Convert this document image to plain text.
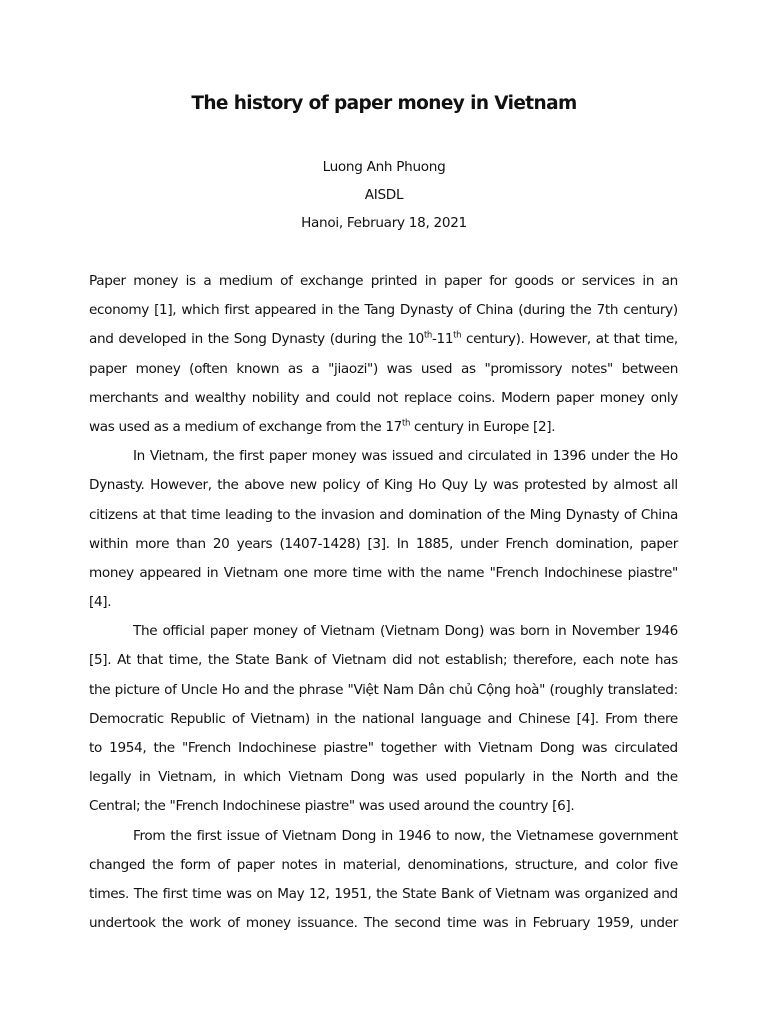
The history of paper money in Vietnam
Luong Anh Phuong
AISDL
Hanoi, February 18, 2021
Paper money is a medium of exchange printed in paper for goods or services in an
economy [1], which first appeared in the Tang Dynasty of China (during the 7th century)
and developed in the Song Dynasty (during the 10th-11th century). However, at that time,
paper money (often known as a "jiaozi") was used as "promissory notes" between
merchants and wealthy nobility and could not replace coins. Modern paper money only
was used as a medium of exchange from the 17th century in Europe [2].
In Vietnam, the first paper money was issued and circulated in 1396 under the Ho
Dynasty. However, the above new policy of King Ho Quy Ly was protested by almost all
citizens at that time leading to the invasion and domination of the Ming Dynasty of China
within more than 20 years (1407-1428) [3]. In 1885, under French domination, paper
money appeared in Vietnam one more time with the name "French Indochinese piastre"
[4].
The official paper money of Vietnam (Vietnam Dong) was born in November 1946
[5]. At that time, the State Bank of Vietnam did not establish; therefore, each note has
the picture of Uncle Ho and the phrase "Việt Nam Dân chủ Cộng hoà" (roughly translated:
Democratic Republic of Vietnam) in the national language and Chinese [4]. From there
to 1954, the "French Indochinese piastre" together with Vietnam Dong was circulated
legally in Vietnam, in which Vietnam Dong was used popularly in the North and the
Central; the "French Indochinese piastre" was used around the country [6].
From the first issue of Vietnam Dong in 1946 to now, the Vietnamese government
changed the form of paper notes in material, denominations, structure, and color five
times. The first time was on May 12, 1951, the State Bank of Vietnam was organized and
undertook the work of money issuance. The second time was in February 1959, under
